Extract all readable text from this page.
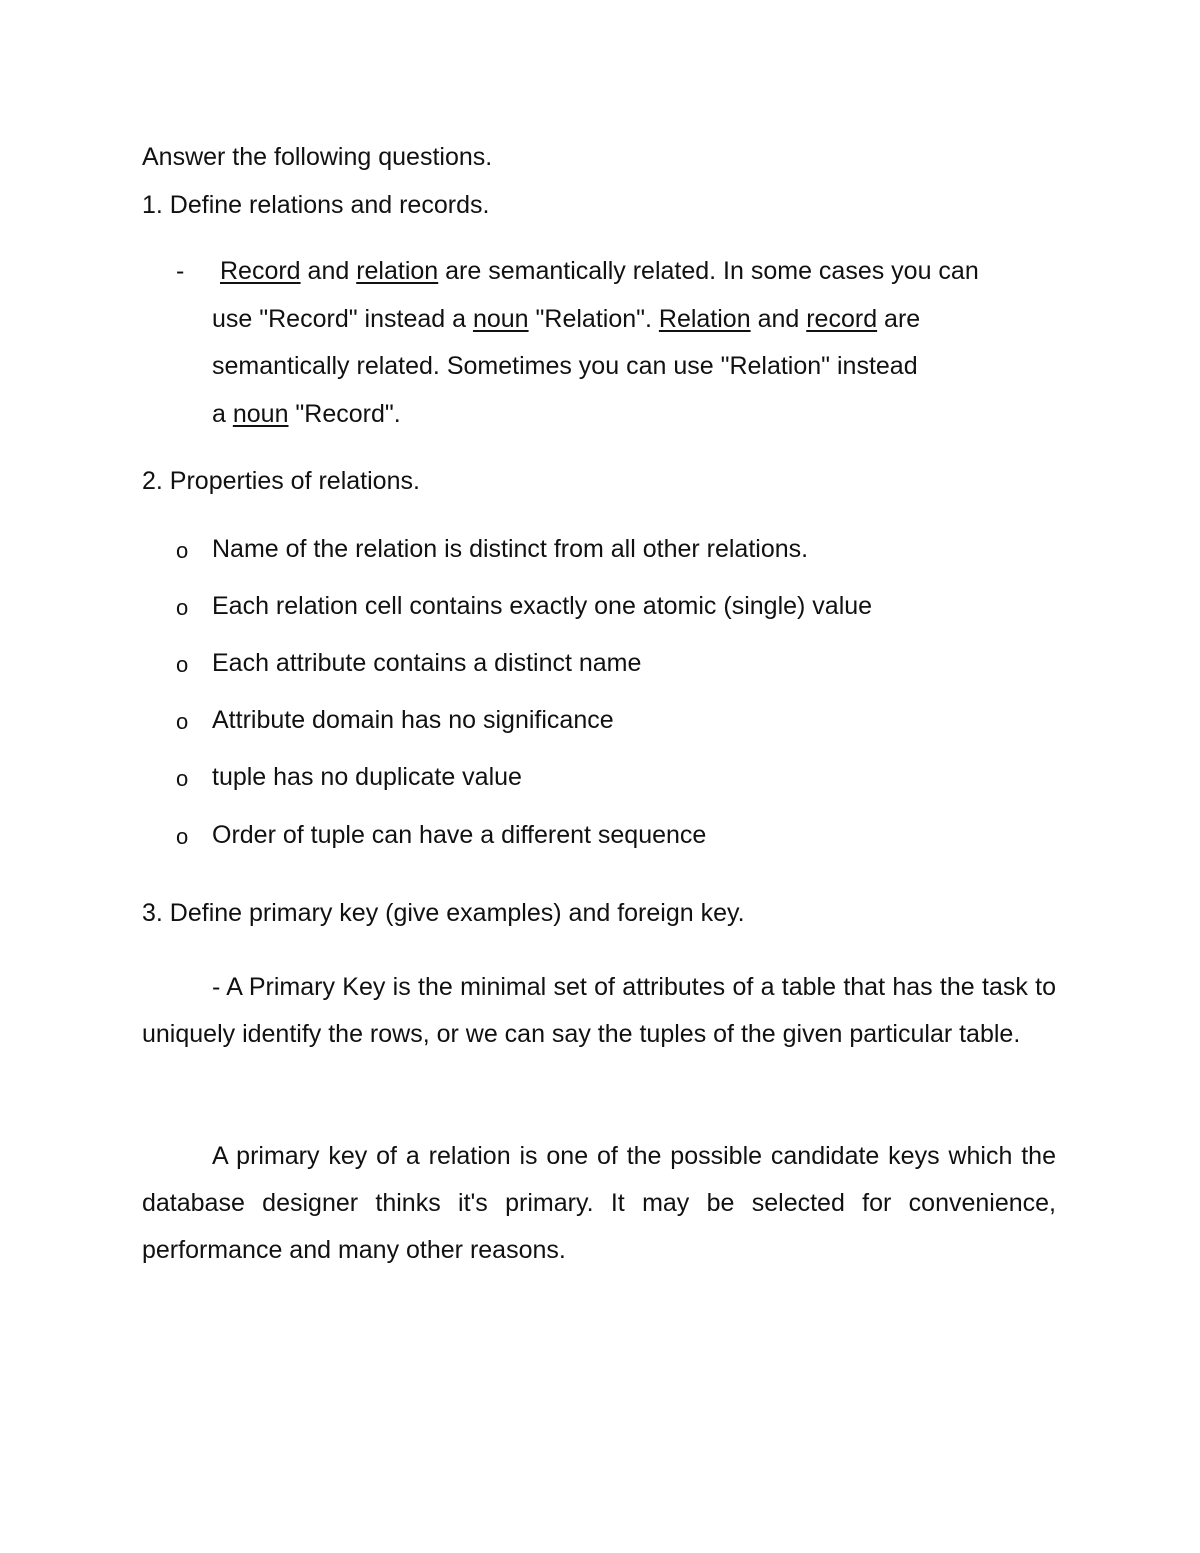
Answer the following questions.
1. Define relations and records.
- Record and relation are semantically related. In some cases you can
use "Record" instead a noun "Relation". Relation and record are
semantically related. Sometimes you can use "Relation" instead
a noun "Record".
2. Properties of relations.
o Name of the relation is distinct from all other relations.
o Each relation cell contains exactly one atomic (single) value
o Each attribute contains a distinct name
o Attribute domain has no significance
o tuple has no duplicate value
o Order of tuple can have a different sequence
3. Define primary key (give examples) and foreign key.

- A Primary Key is the minimal set of attributes of a table that has the task to uniquely identify the rows, or we can say the tuples of the given particular table.

A primary key of a relation is one of the possible candidate keys which the database designer thinks it's primary. It may be selected for convenience, performance and many other reasons.
